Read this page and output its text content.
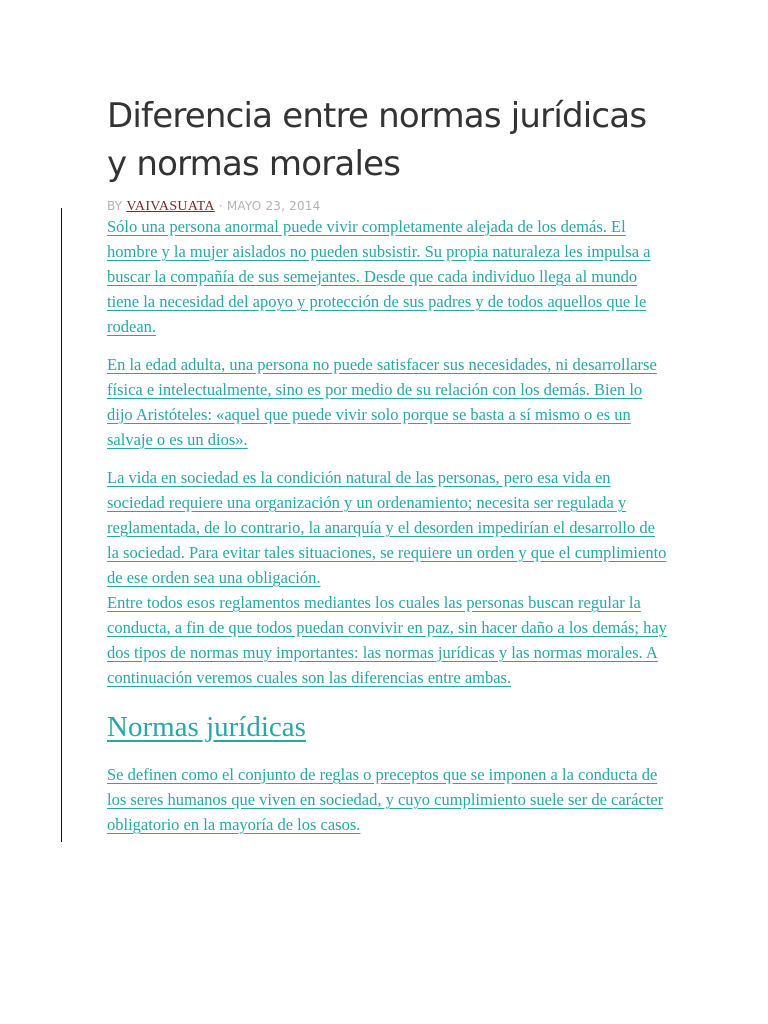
Diferencia entre normas jurídicas y normas morales
BY VAIVASUATA · MAYO 23, 2014

Sólo una persona anormal puede vivir completamente alejada de los demás. El hombre y la mujer aislados no pueden subsistir. Su propia naturaleza les impulsa a buscar la compañía de sus semejantes. Desde que cada individuo llega al mundo tiene la necesidad del apoyo y protección de sus padres y de todos aquellos que le rodean.

En la edad adulta, una persona no puede satisfacer sus necesidades, ni desarrollarse física e intelectualmente, sino es por medio de su relación con los demás. Bien lo dijo Aristóteles: «aquel que puede vivir solo porque se basta a sí mismo o es un salvaje o es un dios».

La vida en sociedad es la condición natural de las personas, pero esa vida en sociedad requiere una organización y un ordenamiento; necesita ser regulada y reglamentada, de lo contrario, la anarquía y el desorden impedirían el desarrollo de la sociedad. Para evitar tales situaciones, se requiere un orden y que el cumplimiento de ese orden sea una obligación.

Entre todos esos reglamentos mediantes los cuales las personas buscan regular la conducta, a fin de que todos puedan convivir en paz, sin hacer daño a los demás; hay dos tipos de normas muy importantes: las normas jurídicas y las normas morales. A continuación veremos cuales son las diferencias entre ambas.

Normas jurídicas

Se definen como el conjunto de reglas o preceptos que se imponen a la conducta de los seres humanos que viven en sociedad, y cuyo cumplimiento suele ser de carácter obligatorio en la mayoría de los casos.
